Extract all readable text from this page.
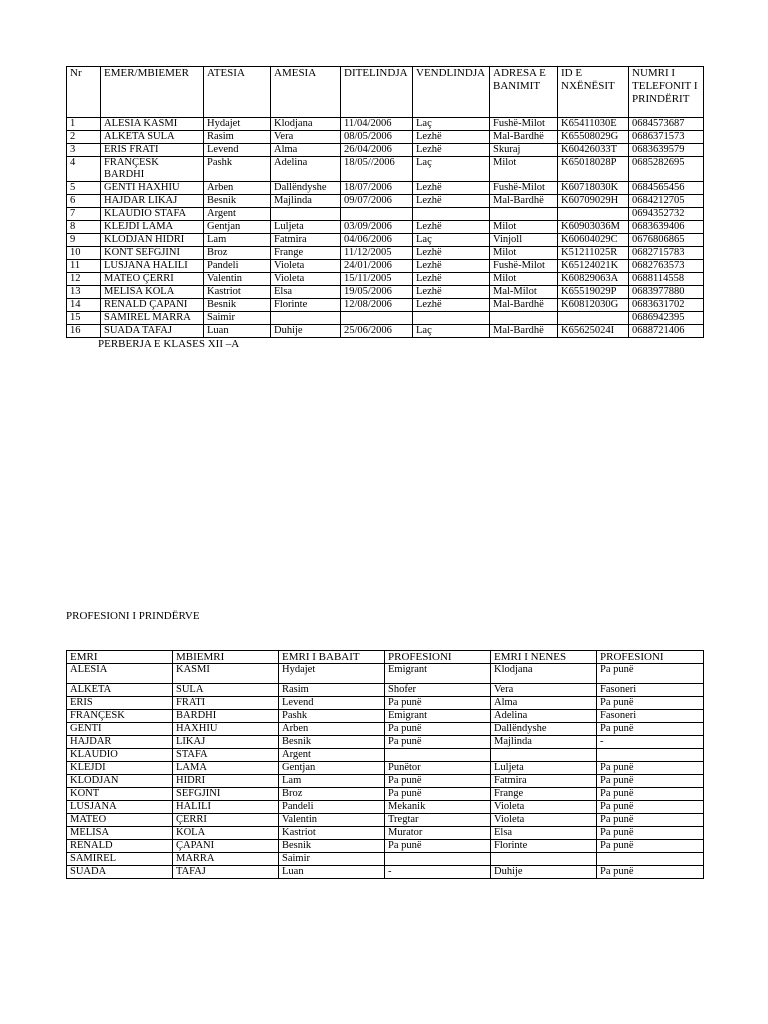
Nr	EMER/MBIEMER	ATESIA	AMESIA	DITELINDJA	VENDLINDJA	ADRESA E BANIMIT	ID E NXËNËSIT	NUMRI I TELEFONIT I PRINDËRIT
1	ALESIA KASMI	Hydajet	Klodjana	11/04/2006	Laç	Fushë-Milot	K65411030E	0684573687
2	ALKETA SULA	Rasim	Vera	08/05/2006	Lezhë	Mal-Bardhë	K65508029G	0686371573
3	ERIS FRATI	Levend	Alma	26/04/2006	Lezhë	Skuraj	K60426033T	0683639579
4	FRANÇESK BARDHI	Pashk	Adelina	18/05//2006	Laç	Milot	K65018028P	0685282695
5	GENTI HAXHIU	Arben	Dallëndyshe	18/07/2006	Lezhë	Fushë-Milot	K60718030K	0684565456
6	HAJDAR LIKAJ	Besnik	Majlinda	09/07/2006	Lezhë	Mal-Bardhë	K60709029H	0684212705
7	KLAUDIO STAFA	Argent						0694352732
8	KLEJDI LAMA	Gentjan	Luljeta	03/09/2006	Lezhë	Milot	K60903036M	0683639406
9	KLODJAN HIDRI	Lam	Fatmira	04/06/2006	Laç	Vinjoll	K60604029C	0676806865
10	KONT SEFGJINI	Broz	Frange	11/12/2005	Lezhë	Milot	K51211025R	0682715783
11	LUSJANA HALILI	Pandeli	Violeta	24/01/2006	Lezhë	Fushë-Milot	K65124021K	0682763573
12	MATEO ÇERRI	Valentin	Violeta	15/11/2005	Lezhë	Milot	K60829063A	0688114558
13	MELISA KOLA	Kastriot	Elsa	19/05/2006	Lezhë	Mal-Milot	K65519029P	0683977880
14	RENALD ÇAPANI	Besnik	Florinte	12/08/2006	Lezhë	Mal-Bardhë	K60812030G	0683631702
15	SAMIREL MARRA	Saimir						0686942395
16	SUADA TAFAJ	Luan	Duhije	25/06/2006	Laç	Mal-Bardhë	K65625024I	0688721406
PERBERJA E KLASES XII –A
PROFESIONI I PRINDËRVE
EMRI	MBIEMRI	EMRI I BABAIT	PROFESIONI	EMRI I NENES	PROFESIONI
ALESIA	KASMI	Hydajet	Emigrant	Klodjana	Pa punë
ALKETA	SULA	Rasim	Shofer	Vera	Fasoneri
ERIS	FRATI	Levend	Pa punë	Alma	Pa punë
FRANÇESK	BARDHI	Pashk	Emigrant	Adelina	Fasoneri
GENTI	HAXHIU	Arben	Pa punë	Dallëndyshe	Pa punë
HAJDAR	LIKAJ	Besnik	Pa punë	Majlinda	-
KLAUDIO	STAFA	Argent			
KLEJDI	LAMA	Gentjan	Punëtor	Luljeta	Pa punë
KLODJAN	HIDRI	Lam	Pa punë	Fatmira	Pa punë
KONT	SEFGJINI	Broz	Pa punë	Frange	Pa punë
LUSJANA	HALILI	Pandeli	Mekanik	Violeta	Pa punë
MATEO	ÇERRI	Valentin	Tregtar	Violeta	Pa punë
MELISA	KOLA	Kastriot	Murator	Elsa	Pa punë
RENALD	ÇAPANI	Besnik	Pa punë	Florinte	Pa punë
SAMIREL	MARRA	Saimir			
SUADA	TAFAJ	Luan	-	Duhije	Pa punë
